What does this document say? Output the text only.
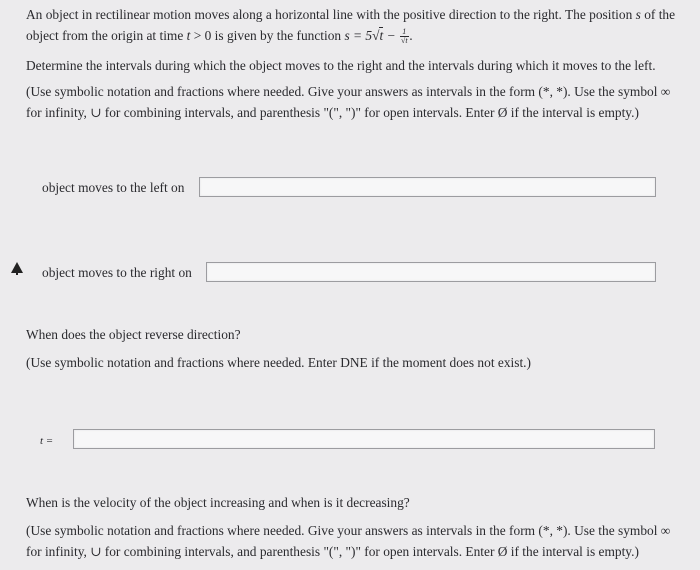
An object in rectilinear motion moves along a horizontal line with the positive direction to the right. The position s of the object from the origin at time t > 0 is given by the function $s = 5√t - \frac{1}{√t}$ .

Determine the intervals during which the object moves to the right and the intervals during which it moves to the left.

(Use symbolic notation and fractions where needed. Give your answers as intervals in the form (*, *). Use the symbol ∞ for infinity, ∪ for combining intervals, and parenthesis "(", ")" for open intervals. Enter Ø if the interval is empty.)

object moves to the left on
object moves to the right on

When does the object reverse direction?

(Use symbolic notation and fractions where needed. Enter DNE if the moment does not exist.)

t =

When is the velocity of the object increasing and when is it decreasing?

(Use symbolic notation and fractions where needed. Give your answers as intervals in the form (*, *). Use the symbol ∞ for infinity, ∪ for combining intervals, and parenthesis "(", ")" for open intervals. Enter Ø if the interval is empty.)
